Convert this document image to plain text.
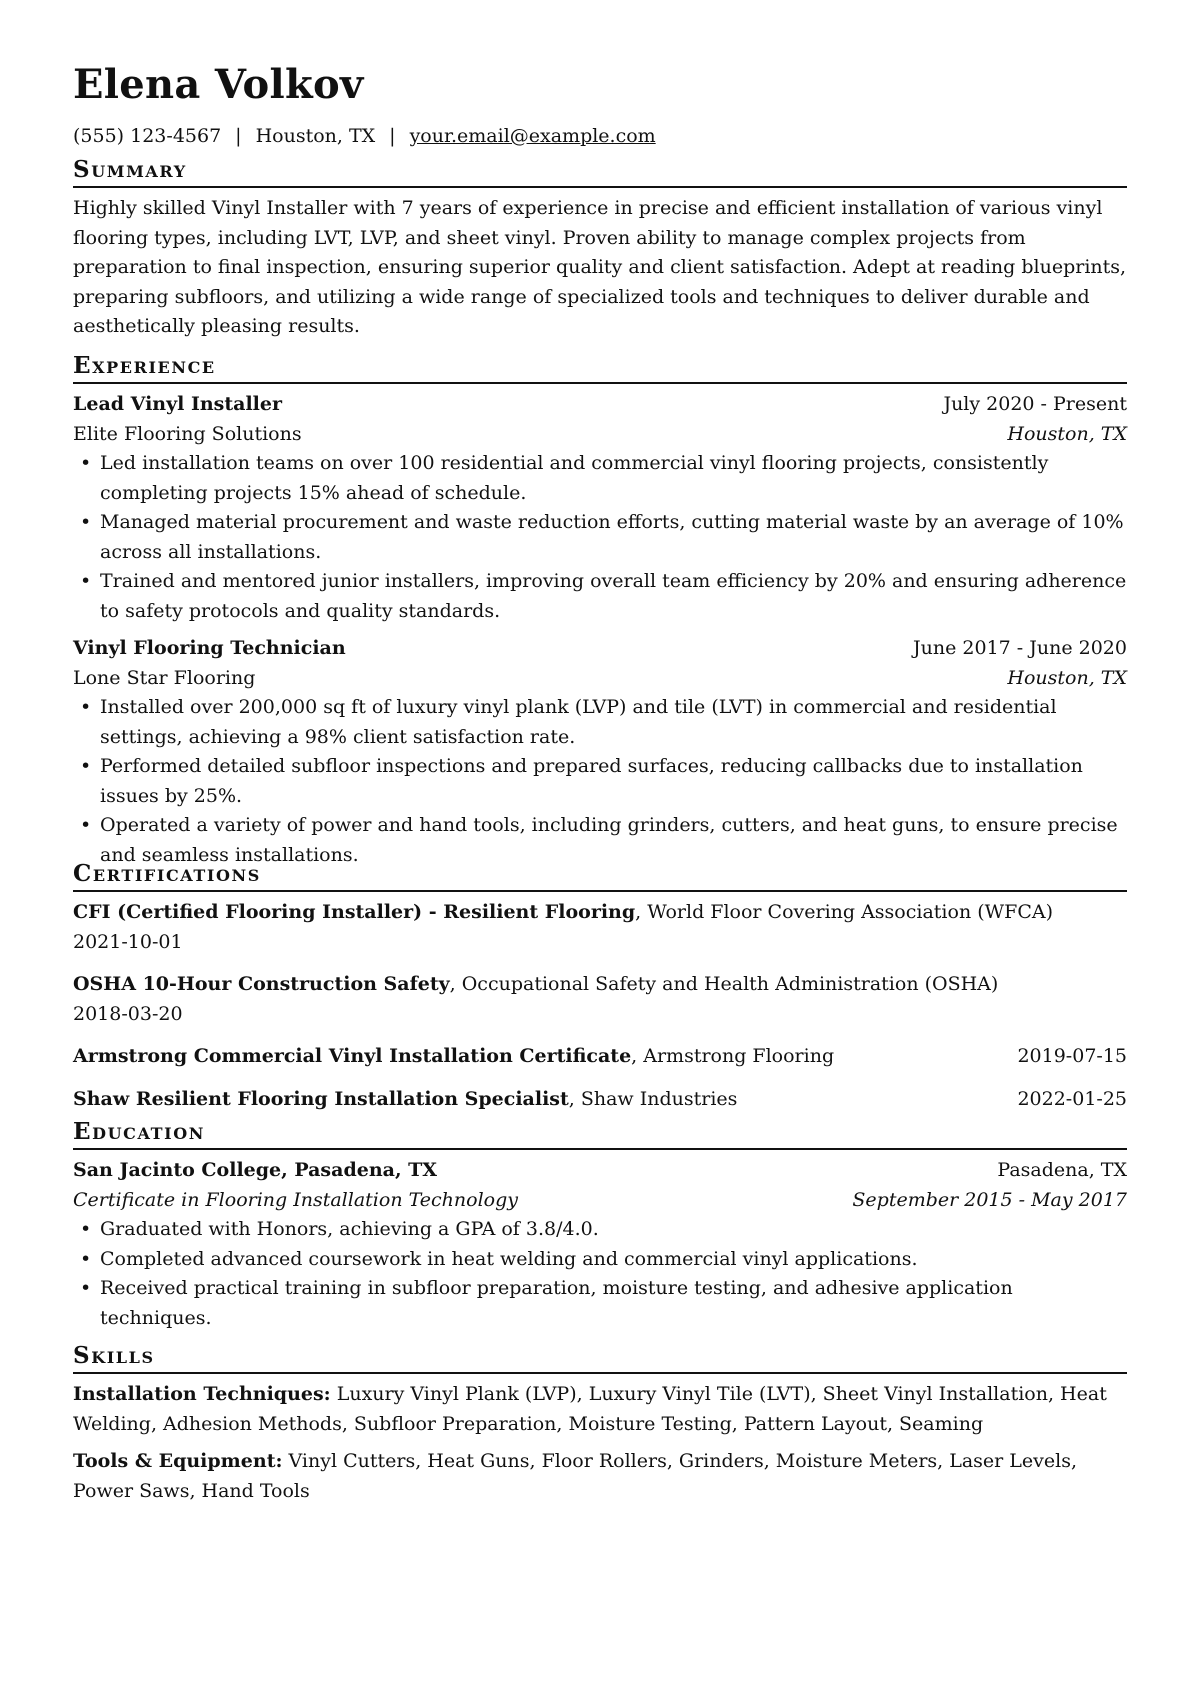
Elena Volkov
(555) 123-4567 | Houston, TX | your.email@example.com
Summary

Highly skilled Vinyl Installer with 7 years of experience in precise and efficient installation of various vinyl flooring types, including LVT, LVP, and sheet vinyl. Proven ability to manage complex projects from preparation to final inspection, ensuring superior quality and client satisfaction. Adept at reading blueprints, preparing subfloors, and utilizing a wide range of specialized tools and techniques to deliver durable and aesthetically pleasing results.

Experience
Lead Vinyl Installer	July 2020 - Present
Elite Flooring Solutions	Houston, TX
• Led installation teams on over 100 residential and commercial vinyl flooring projects, consistently completing projects 15% ahead of schedule.
• Managed material procurement and waste reduction efforts, cutting material waste by an average of 10% across all installations.
• Trained and mentored junior installers, improving overall team efficiency by 20% and ensuring adherence to safety protocols and quality standards.
Vinyl Flooring Technician	June 2017 - June 2020
Lone Star Flooring	Houston, TX
• Installed over 200,000 sq ft of luxury vinyl plank (LVP) and tile (LVT) in commercial and residential settings, achieving a 98% client satisfaction rate.
• Performed detailed subfloor inspections and prepared surfaces, reducing callbacks due to installation issues by 25%.
• Operated a variety of power and hand tools, including grinders, cutters, and heat guns, to ensure precise and seamless installations.
Certifications
CFI (Certified Flooring Installer) - Resilient Flooring, World Floor Covering Association (WFCA)
2021-10-01
OSHA 10-Hour Construction Safety, Occupational Safety and Health Administration (OSHA)
2018-03-20
Armstrong Commercial Vinyl Installation Certificate, Armstrong Flooring	2019-07-15
Shaw Resilient Flooring Installation Specialist, Shaw Industries	2022-01-25
Education
San Jacinto College, Pasadena, TX	Pasadena, TX
Certificate in Flooring Installation Technology	September 2015 - May 2017
• Graduated with Honors, achieving a GPA of 3.8/4.0.
• Completed advanced coursework in heat welding and commercial vinyl applications.
• Received practical training in subfloor preparation, moisture testing, and adhesive application techniques.
Skills
Installation Techniques: Luxury Vinyl Plank (LVP), Luxury Vinyl Tile (LVT), Sheet Vinyl Installation, Heat Welding, Adhesion Methods, Subfloor Preparation, Moisture Testing, Pattern Layout, Seaming
Tools & Equipment: Vinyl Cutters, Heat Guns, Floor Rollers, Grinders, Moisture Meters, Laser Levels, Power Saws, Hand Tools
